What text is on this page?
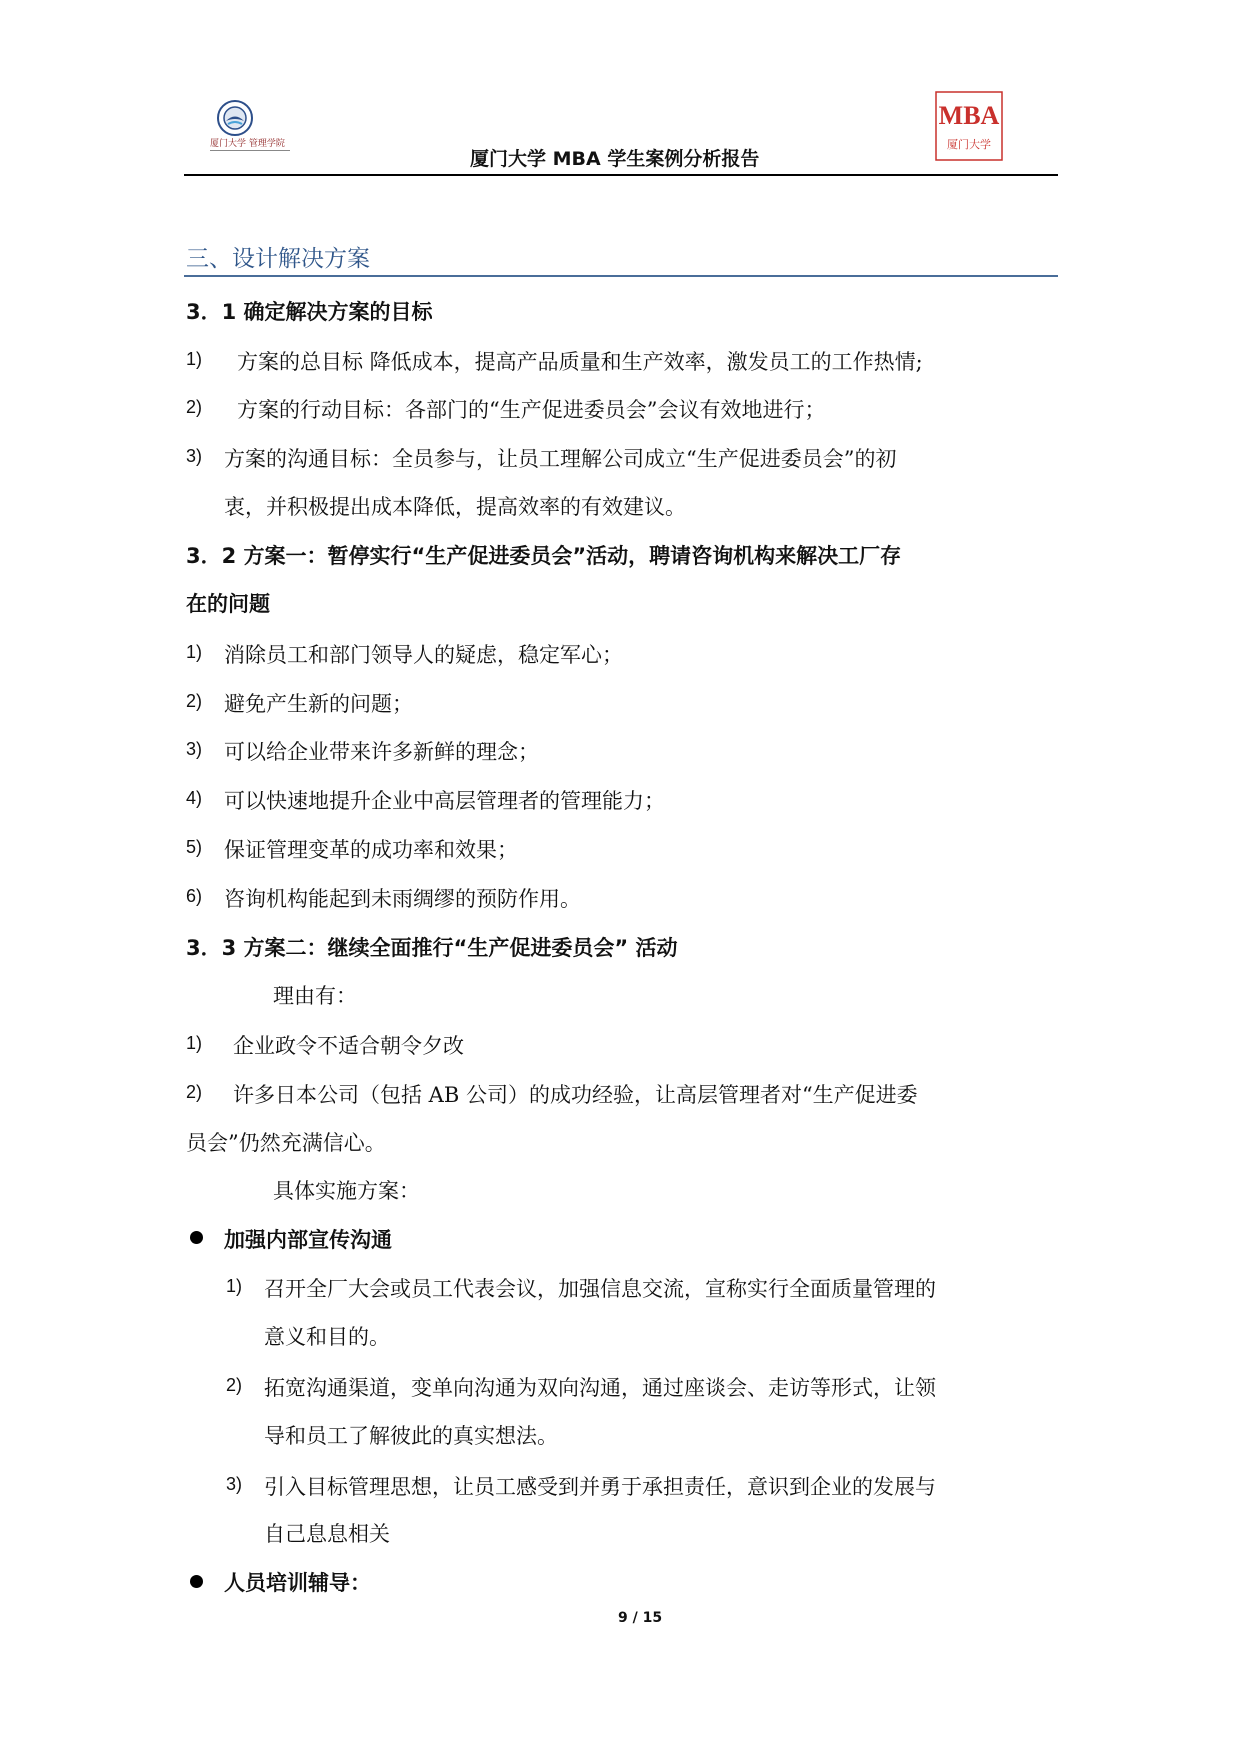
厦门大学 管理学院
MBA
厦门大学
厦门大学 MBA 学生案例分析报告
三、设计解决方案
3．1 确定解决方案的目标
1) 方案的总目标 降低成本，提高产品质量和生产效率，激发员工的工作热情;
2) 方案的行动目标：各部门的“生产促进委员会”会议有效地进行；
3) 方案的沟通目标：全员参与，让员工理解公司成立“生产促进委员会”的初
衷，并积极提出成本降低，提高效率的有效建议。
3．2 方案一：暂停实行“生产促进委员会”活动，聘请咨询机构来解决工厂存
在的问题
1) 消除员工和部门领导人的疑虑，稳定军心；
2) 避免产生新的问题；
3) 可以给企业带来许多新鲜的理念；
4) 可以快速地提升企业中高层管理者的管理能力；
5) 保证管理变革的成功率和效果；
6) 咨询机构能起到未雨绸缪的预防作用。
3．3 方案二：继续全面推行“生产促进委员会” 活动
理由有：
1) 企业政令不适合朝令夕改
2) 许多日本公司（包括 AB 公司）的成功经验，让高层管理者对“生产促进委
员会”仍然充满信心。
具体实施方案：
加强内部宣传沟通
1) 召开全厂大会或员工代表会议，加强信息交流，宣称实行全面质量管理的
意义和目的。
2) 拓宽沟通渠道，变单向沟通为双向沟通，通过座谈会、走访等形式，让领
导和员工了解彼此的真实想法。
3) 引入目标管理思想，让员工感受到并勇于承担责任，意识到企业的发展与
自己息息相关
人员培训辅导：
9 / 15
